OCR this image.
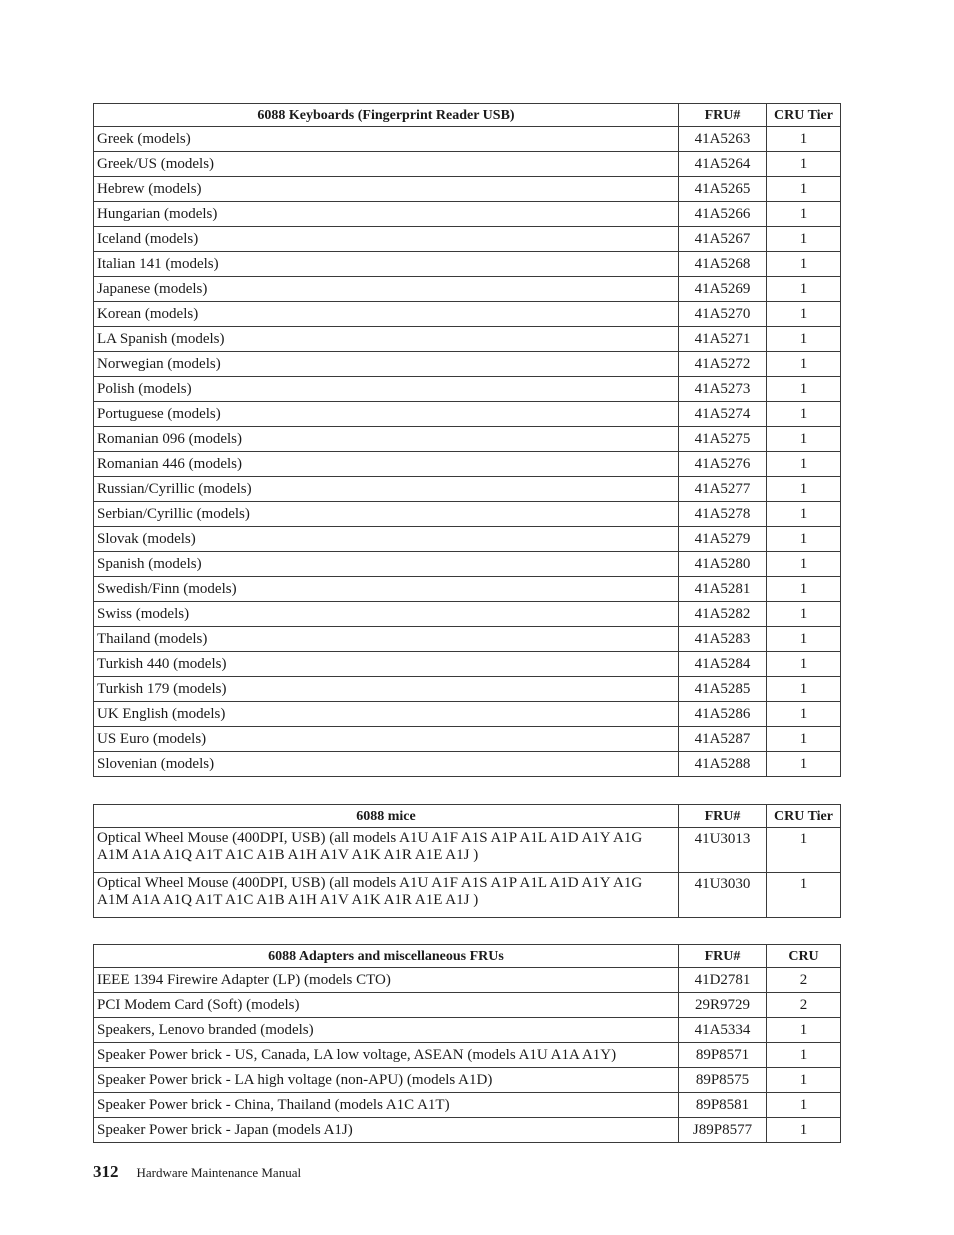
6088 Keyboards (Fingerprint Reader USB)	FRU#	CRU Tier
Greek (models)	41A5263	1
Greek/US (models)	41A5264	1
Hebrew (models)	41A5265	1
Hungarian (models)	41A5266	1
Iceland (models)	41A5267	1
Italian 141 (models)	41A5268	1
Japanese (models)	41A5269	1
Korean (models)	41A5270	1
LA Spanish (models)	41A5271	1
Norwegian (models)	41A5272	1
Polish (models)	41A5273	1
Portuguese (models)	41A5274	1
Romanian 096 (models)	41A5275	1
Romanian 446 (models)	41A5276	1
Russian/Cyrillic (models)	41A5277	1
Serbian/Cyrillic (models)	41A5278	1
Slovak (models)	41A5279	1
Spanish (models)	41A5280	1
Swedish/Finn (models)	41A5281	1
Swiss (models)	41A5282	1
Thailand (models)	41A5283	1
Turkish 440 (models)	41A5284	1
Turkish 179 (models)	41A5285	1
UK English (models)	41A5286	1
US Euro (models)	41A5287	1
Slovenian (models)	41A5288	1
6088 mice	FRU#	CRU Tier
Optical Wheel Mouse (400DPI, USB) (all models A1U A1F A1S A1P A1L A1D A1Y A1G A1M A1A A1Q A1T A1C A1B A1H A1V A1K A1R A1E A1J )	41U3013	1
Optical Wheel Mouse (400DPI, USB) (all models A1U A1F A1S A1P A1L A1D A1Y A1G A1M A1A A1Q A1T A1C A1B A1H A1V A1K A1R A1E A1J )	41U3030	1
6088 Adapters and miscellaneous FRUs	FRU#	CRU
IEEE 1394 Firewire Adapter (LP) (models CTO)	41D2781	2
PCI Modem Card (Soft) (models)	29R9729	2
Speakers, Lenovo branded (models)	41A5334	1
Speaker Power brick - US, Canada, LA low voltage, ASEAN (models A1U A1A A1Y)	89P8571	1
Speaker Power brick - LA high voltage (non-APU) (models A1D)	89P8575	1
Speaker Power brick - China, Thailand (models A1C A1T)	89P8581	1
Speaker Power brick - Japan (models A1J)	J89P8577	1
312 Hardware Maintenance Manual
